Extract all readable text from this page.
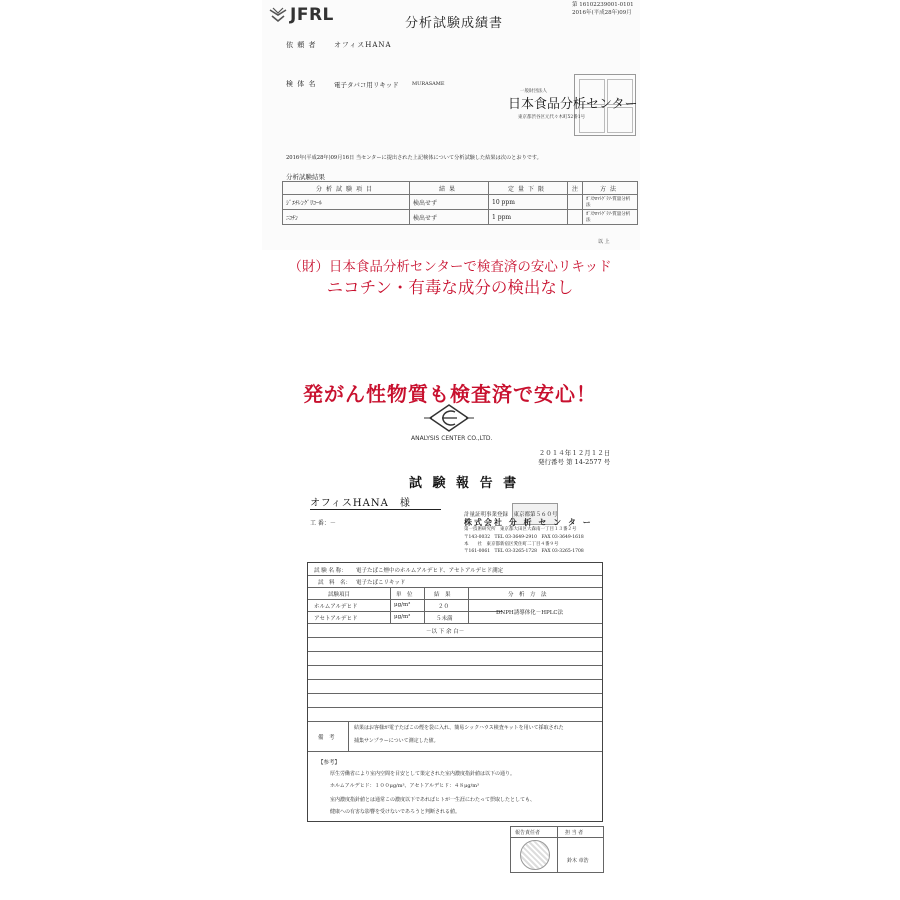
JFRL	分析試験成績書
第 16102239001-0101
2016年(平成28年)09月
依 頼 者	オフィスHANA
検 体 名	電子タバコ用リキッド	MURASAME
一般財団法人
日本食品分析センター
東京都渋谷区元代々木町52番1号
2016年(平成28年)09月16日 当センターに提出された上記検体について分析試験した結果は次のとおりです。
分析試験結果
分析試験項目	結果	定量下限	注	方法
ｼﾞｴﾁﾚﾝｸﾞﾘｺｰﾙ	検出せず	10 ppm		ｶﾞｽｸﾛﾏﾄｸﾞﾗﾌ-質量分析法
ﾆｺﾁﾝ	検出せず	1 ppm		ｶﾞｽｸﾛﾏﾄｸﾞﾗﾌ-質量分析法
以 上
（財）日本食品分析センターで検査済の安心リキッド
ニコチン・有毒な成分の検出なし
発がん性物質も検査済で安心！
ANALYSIS CENTER CO.,LTD.
２０１４年１２月１２日
発行番号 第 14-2577 号
試 験 報 告 書
オフィスHANA　様
工 番：－
計量証明事業登録　東京都第５６０号
株式会社 分 析 セ ン タ ー
第一技術研究所　東京都大田区大森南一丁目１３番２号
〒143-0032　TEL 03-3649-2910　FAX 03-3649-1618
本　　社　東京都新宿区愛住町二丁目４番９号
〒161-0061　TEL 03-3265-1728　FAX 03-3265-1708
試 験 名 称： 電子たばこ煙中のホルムアルデヒド、アセトアルデヒド測定
試　料　名： 電子たばこリキッド
試験項目	単　位	結　果	分　析　方　法
ホルムアルデヒド	μg/m³	２０
アセトアルデヒド	μg/m³	５未満
DNPH誘導体化－HPLC法
－以 下 余 白－
備　考
結果はお客様が電子たばこの煙を袋に入れ、簡易シックハウス検査キットを用いて採取された
捕集サンプラーについて測定した値。
【参考】
厚生労働省により室内空間を目安として策定された室内濃度指針値は以下の通り。
ホルムアルデヒド：１００μg/m³、アセトアルデヒド：４８μg/m³
室内濃度指針値とは通常この濃度以下であればヒトが一生涯にわたって摂取したとしても、
健康への有害な影響を受けないであろうと判断される値。
報告責任者	担 当 者
鈴木 章浩
